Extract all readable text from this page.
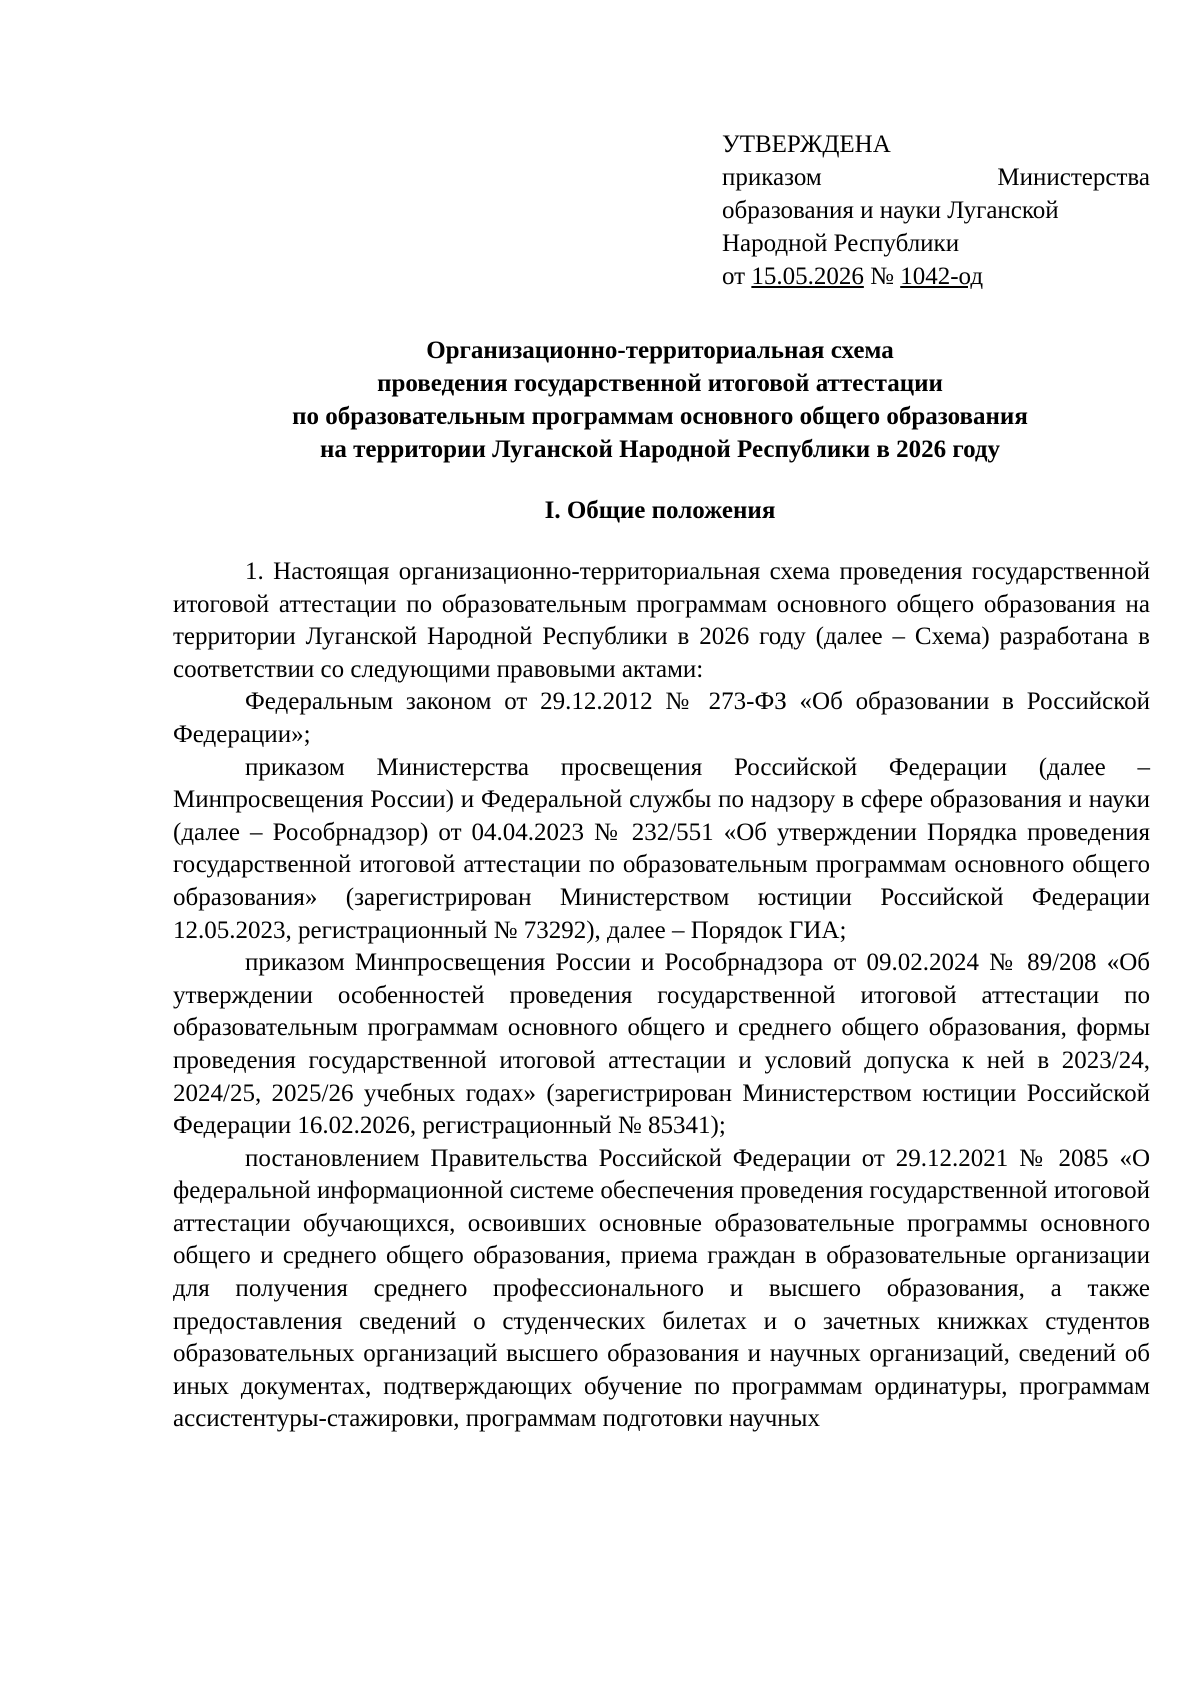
УТВЕРЖДЕНА
приказом	Министерства
образования и науки Луганской
Народной Республики
от 15.05.2026 № 1042-од
Организационно-территориальная схема
проведения государственной итоговой аттестации
по образовательным программам основного общего образования
на территории Луганской Народной Республики в 2026 году
I. Общие положения

1. Настоящая организационно-территориальная схема проведения государственной итоговой аттестации по образовательным программам основного общего образования на территории Луганской Народной Республики в 2026 году (далее – Схема) разработана в соответствии со следующими правовыми актами:

Федеральным законом от 29.12.2012 № 273-ФЗ «Об образовании в Российской Федерации»;

приказом Министерства просвещения Российской Федерации (далее – Минпросвещения России) и Федеральной службы по надзору в сфере образования и науки (далее – Рособрнадзор) от 04.04.2023 № 232/551 «Об утверждении Порядка проведения государственной итоговой аттестации по образовательным программам основного общего образования» (зарегистрирован Министерством юстиции Российской Федерации 12.05.2023, регистрационный № 73292), далее – Порядок ГИА;

приказом Минпросвещения России и Рособрнадзора от 09.02.2024 № 89/208 «Об утверждении особенностей проведения государственной итоговой аттестации по образовательным программам основного общего и среднего общего образования, формы проведения государственной итоговой аттестации и условий допуска к ней в 2023/24, 2024/25, 2025/26 учебных годах» (зарегистрирован Министерством юстиции Российской Федерации 16.02.2026, регистрационный № 85341);

постановлением Правительства Российской Федерации от 29.12.2021 № 2085 «О федеральной информационной системе обеспечения проведения государственной итоговой аттестации обучающихся, освоивших основные образовательные программы основного общего и среднего общего образования, приема граждан в образовательные организации для получения среднего профессионального и высшего образования, а также предоставления сведений о студенческих билетах и о зачетных книжках студентов образовательных организаций высшего образования и научных организаций, сведений об иных документах, подтверждающих обучение по программам ординатуры, программам ассистентуры-стажировки, программам подготовки научных
